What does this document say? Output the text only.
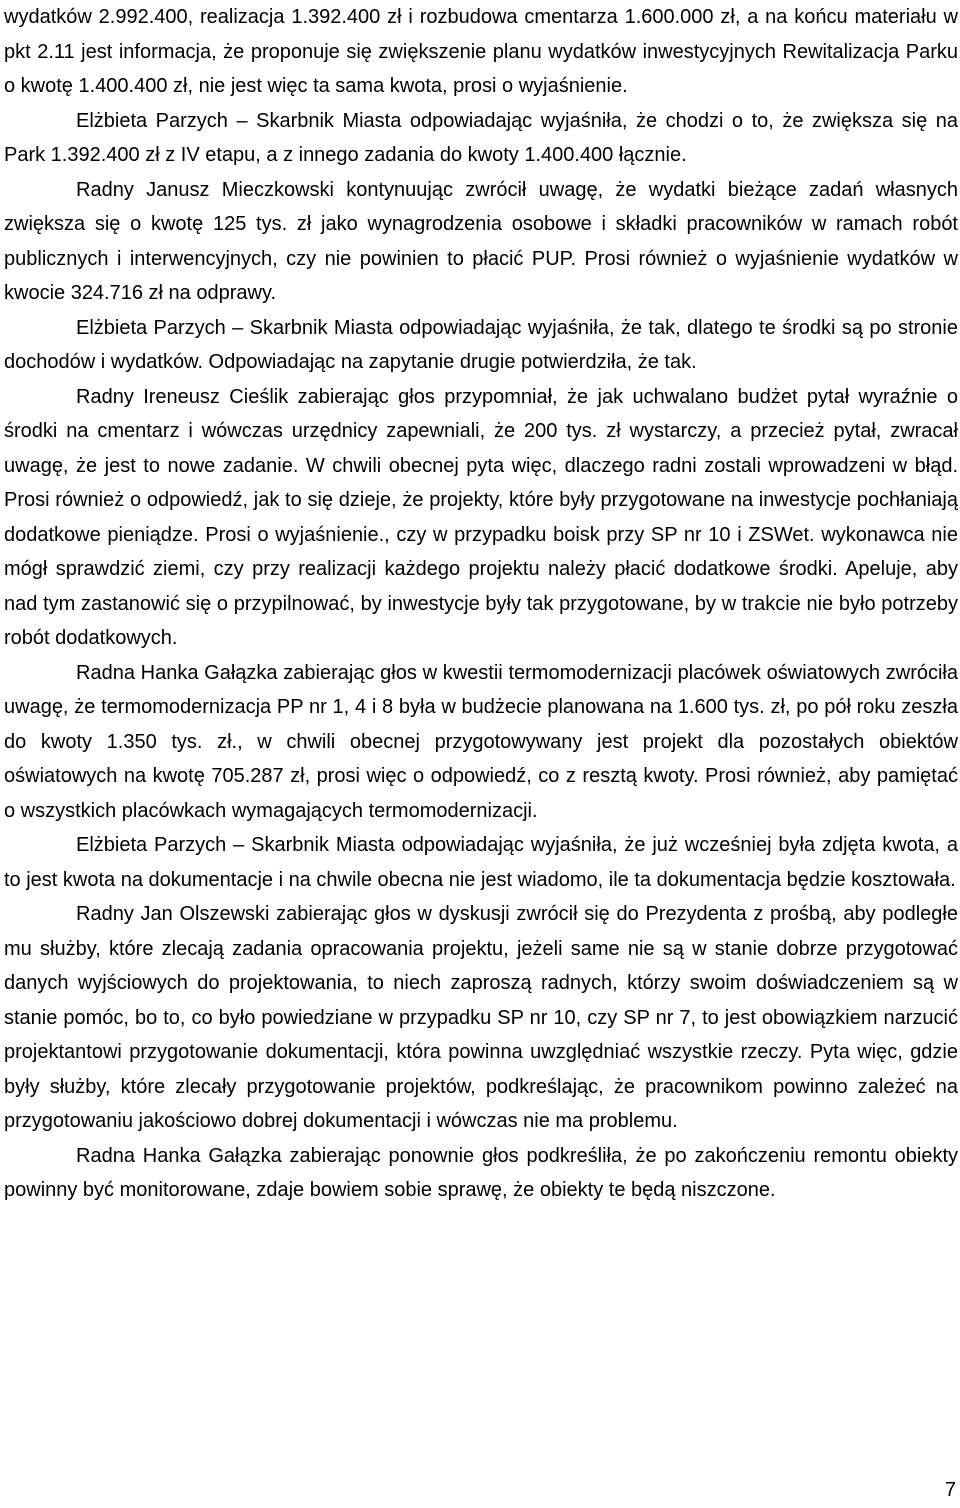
wydatków 2.992.400, realizacja 1.392.400 zł i rozbudowa cmentarza 1.600.000 zł, a na końcu materiału w pkt 2.11 jest informacja, że proponuje się zwiększenie planu wydatków inwestycyjnych Rewitalizacja Parku o kwotę 1.400.400 zł, nie jest więc ta sama kwota, prosi o wyjaśnienie.

Elżbieta Parzych – Skarbnik Miasta odpowiadając wyjaśniła, że chodzi o to, że zwiększa się na Park 1.392.400 zł z IV etapu, a z innego zadania do kwoty 1.400.400 łącznie.

Radny Janusz Mieczkowski kontynuując zwrócił uwagę, że wydatki bieżące zadań własnych zwiększa się o kwotę 125 tys. zł jako wynagrodzenia osobowe i składki pracowników w ramach robót publicznych i interwencyjnych, czy nie powinien to płacić PUP. Prosi również o wyjaśnienie wydatków w kwocie 324.716 zł na odprawy.

Elżbieta Parzych – Skarbnik Miasta odpowiadając wyjaśniła, że tak, dlatego te środki są po stronie dochodów i wydatków. Odpowiadając na zapytanie drugie potwierdziła, że tak.

Radny Ireneusz Cieślik zabierając głos przypomniał, że jak uchwalano budżet pytał wyraźnie o środki na cmentarz i wówczas urzędnicy zapewniali, że 200 tys. zł wystarczy, a przecież pytał, zwracał uwagę, że jest to nowe zadanie. W chwili obecnej pyta więc, dlaczego radni zostali wprowadzeni w błąd. Prosi również o odpowiedź, jak to się dzieje, że projekty, które były przygotowane na inwestycje pochłaniają dodatkowe pieniądze. Prosi o wyjaśnienie., czy w przypadku boisk przy SP nr 10 i ZSWet. wykonawca nie mógł sprawdzić ziemi, czy przy realizacji każdego projektu należy płacić dodatkowe środki. Apeluje, aby nad tym zastanowić się o przypilnować, by inwestycje były tak przygotowane, by w trakcie nie było potrzeby robót dodatkowych.

Radna Hanka Gałązka zabierając głos w kwestii termomodernizacji placówek oświatowych zwróciła uwagę, że termomodernizacja PP nr 1, 4 i 8 była w budżecie planowana na 1.600 tys. zł, po pół roku zeszła do kwoty 1.350 tys. zł., w chwili obecnej przygotowywany jest projekt dla pozostałych obiektów oświatowych na kwotę 705.287 zł, prosi więc o odpowiedź, co z resztą kwoty. Prosi również, aby pamiętać o wszystkich placówkach wymagających termomodernizacji.

Elżbieta Parzych – Skarbnik Miasta odpowiadając wyjaśniła, że już wcześniej była zdjęta kwota, a to jest kwota na dokumentacje i na chwile obecna nie jest wiadomo, ile ta dokumentacja będzie kosztowała.

Radny Jan Olszewski zabierając głos w dyskusji zwrócił się do Prezydenta z prośbą, aby podległe mu służby, które zlecają zadania opracowania projektu, jeżeli same nie są w stanie dobrze przygotować danych wyjściowych do projektowania, to niech zaproszą radnych, którzy swoim doświadczeniem są w stanie pomóc, bo to, co było powiedziane w przypadku SP nr 10, czy SP nr 7, to jest obowiązkiem narzucić projektantowi przygotowanie dokumentacji, która powinna uwzględniać wszystkie rzeczy. Pyta więc, gdzie były służby, które zlecały przygotowanie projektów, podkreślając, że pracownikom powinno zależeć na przygotowaniu jakościowo dobrej dokumentacji i wówczas nie ma problemu.

Radna Hanka Gałązka zabierając ponownie głos podkreśliła, że po zakończeniu remontu obiekty powinny być monitorowane, zdaje bowiem sobie sprawę, że obiekty te będą niszczone.

7
